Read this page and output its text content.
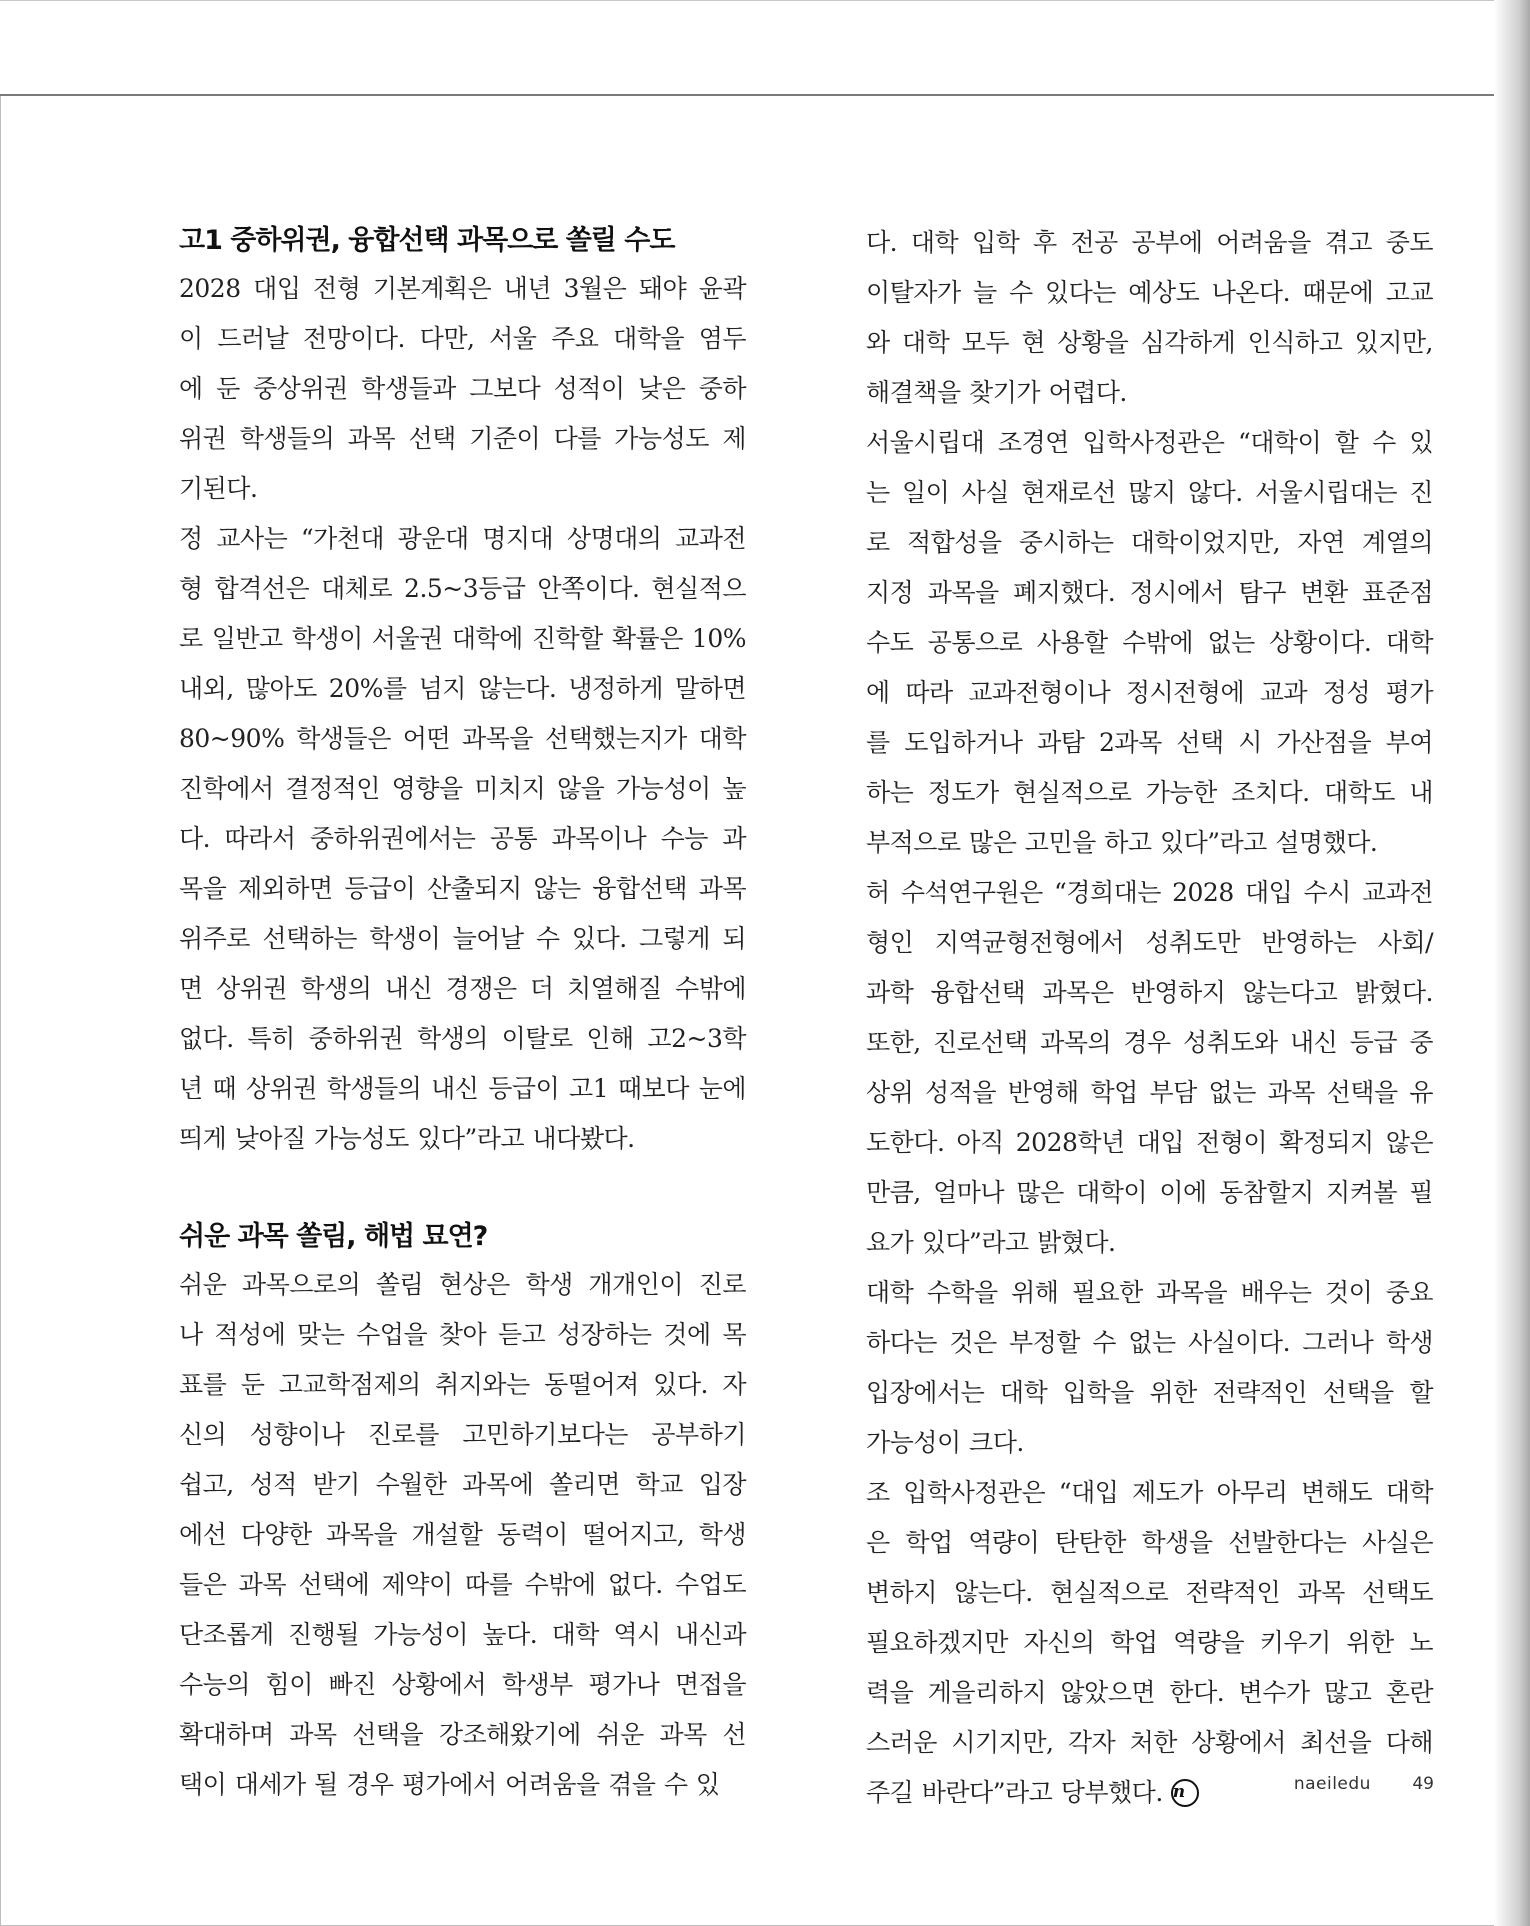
고1 중하위권, 융합선택 과목으로 쏠릴 수도

2028 대입 전형 기본계획은 내년 3월은 돼야 윤곽
이 드러날 전망이다. 다만, 서울 주요 대학을 염두
에 둔 중상위권 학생들과 그보다 성적이 낮은 중하
위권 학생들의 과목 선택 기준이 다를 가능성도 제
기된다.

정 교사는 “가천대 광운대 명지대 상명대의 교과전
형 합격선은 대체로 2.5~3등급 안쪽이다. 현실적으
로 일반고 학생이 서울권 대학에 진학할 확률은 10%
내외, 많아도 20%를 넘지 않는다. 냉정하게 말하면
80~90% 학생들은 어떤 과목을 선택했는지가 대학
진학에서 결정적인 영향을 미치지 않을 가능성이 높
다. 따라서 중하위권에서는 공통 과목이나 수능 과
목을 제외하면 등급이 산출되지 않는 융합선택 과목
위주로 선택하는 학생이 늘어날 수 있다. 그렇게 되
면 상위권 학생의 내신 경쟁은 더 치열해질 수밖에
없다. 특히 중하위권 학생의 이탈로 인해 고2~3학
년 때 상위권 학생들의 내신 등급이 고1 때보다 눈에
띄게 낮아질 가능성도 있다”라고 내다봤다.

쉬운 과목 쏠림, 해법 묘연?

쉬운 과목으로의 쏠림 현상은 학생 개개인이 진로
나 적성에 맞는 수업을 찾아 듣고 성장하는 것에 목
표를 둔 고교학점제의 취지와는 동떨어져 있다. 자
신의 성향이나 진로를 고민하기보다는 공부하기
쉽고, 성적 받기 수월한 과목에 쏠리면 학교 입장
에선 다양한 과목을 개설할 동력이 떨어지고, 학생
들은 과목 선택에 제약이 따를 수밖에 없다. 수업도
단조롭게 진행될 가능성이 높다. 대학 역시 내신과
수능의 힘이 빠진 상황에서 학생부 평가나 면접을
확대하며 과목 선택을 강조해왔기에 쉬운 과목 선
택이 대세가 될 경우 평가에서 어려움을 겪을 수 있

다. 대학 입학 후 전공 공부에 어려움을 겪고 중도
이탈자가 늘 수 있다는 예상도 나온다. 때문에 고교
와 대학 모두 현 상황을 심각하게 인식하고 있지만,
해결책을 찾기가 어렵다.

서울시립대 조경연 입학사정관은 “대학이 할 수 있
는 일이 사실 현재로선 많지 않다. 서울시립대는 진
로 적합성을 중시하는 대학이었지만, 자연 계열의
지정 과목을 폐지했다. 정시에서 탐구 변환 표준점
수도 공통으로 사용할 수밖에 없는 상황이다. 대학
에 따라 교과전형이나 정시전형에 교과 정성 평가
를 도입하거나 과탐 2과목 선택 시 가산점을 부여
하는 정도가 현실적으로 가능한 조치다. 대학도 내
부적으로 많은 고민을 하고 있다”라고 설명했다.

허 수석연구원은 “경희대는 2028 대입 수시 교과전
형인 지역균형전형에서 성취도만 반영하는 사회/
과학 융합선택 과목은 반영하지 않는다고 밝혔다.
또한, 진로선택 과목의 경우 성취도와 내신 등급 중
상위 성적을 반영해 학업 부담 없는 과목 선택을 유
도한다. 아직 2028학년 대입 전형이 확정되지 않은
만큼, 얼마나 많은 대학이 이에 동참할지 지켜볼 필
요가 있다”라고 밝혔다.

대학 수학을 위해 필요한 과목을 배우는 것이 중요
하다는 것은 부정할 수 없는 사실이다. 그러나 학생
입장에서는 대학 입학을 위한 전략적인 선택을 할
가능성이 크다.

조 입학사정관은 “대입 제도가 아무리 변해도 대학
은 학업 역량이 탄탄한 학생을 선발한다는 사실은
변하지 않는다. 현실적으로 전략적인 과목 선택도
필요하겠지만 자신의 학업 역량을 키우기 위한 노
력을 게을리하지 않았으면 한다. 변수가 많고 혼란
스러운 시기지만, 각자 처한 상황에서 최선을 다해
주길 바란다”라고 당부했다. n	naeiledu 49
